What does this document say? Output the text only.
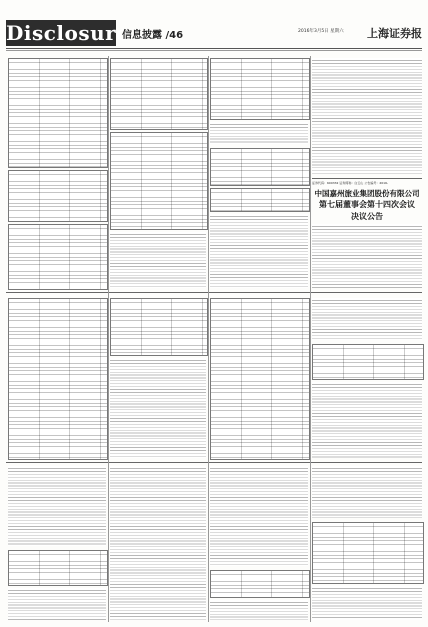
Disclosure
信息披露 /46	2016年3月5日 星期六 上海证券报
证券代码：600332 证券简称：白云山 公告编号：2016-
中国嘉州旅业集团股份有限公司
第七届董事会第十四次会议
决议公告
